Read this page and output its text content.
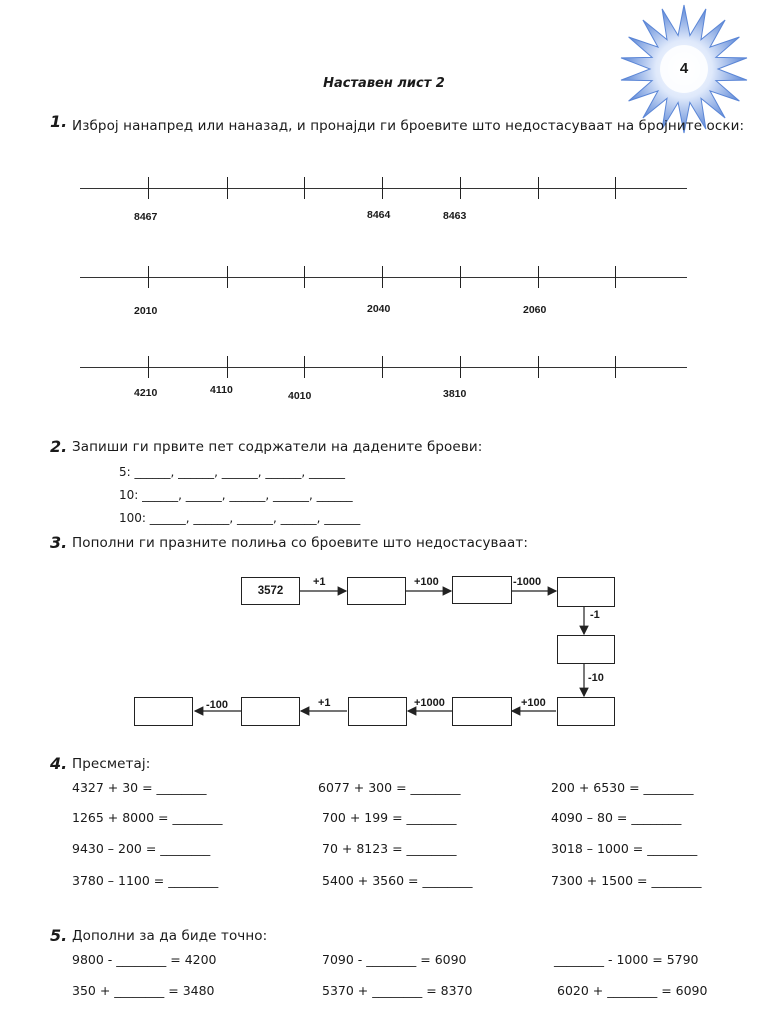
4
Наставен лист 2
1. Изброј нанапред или наназад, и пронајди ги броевите што недостасуваат на бројните оски:
8467	8464	8463
2010	2040	2060
4210	4110	4010	3810
2. Запиши ги првите пет содржатели на дадените броеви:
5: ______, ______, ______, ______, ______
10: ______, ______, ______, ______, ______
100: ______, ______, ______, ______, ______
3. Пополни ги празните полиња со броевите што недостасуваат:
3572
+1	+100	-1000
-1
-10
+100
+1000
+1
-100
4. Пресметај:
4327 + 30 = ________	6077 + 300 = ________	200 + 6530 = ________
1265 + 8000 = ________	700 + 199 = ________	4090 – 80 = ________
9430 – 200 = ________	70 + 8123 = ________	3018 – 1000 = ________
3780 – 1100 = ________	5400 + 3560 = ________	7300 + 1500 = ________
5. Дополни за да биде точно:
9800 - ________ = 4200	7090 - ________ = 6090	________ - 1000 = 5790
350 + ________ = 3480	5370 + ________ = 8370	6020 + ________ = 6090
